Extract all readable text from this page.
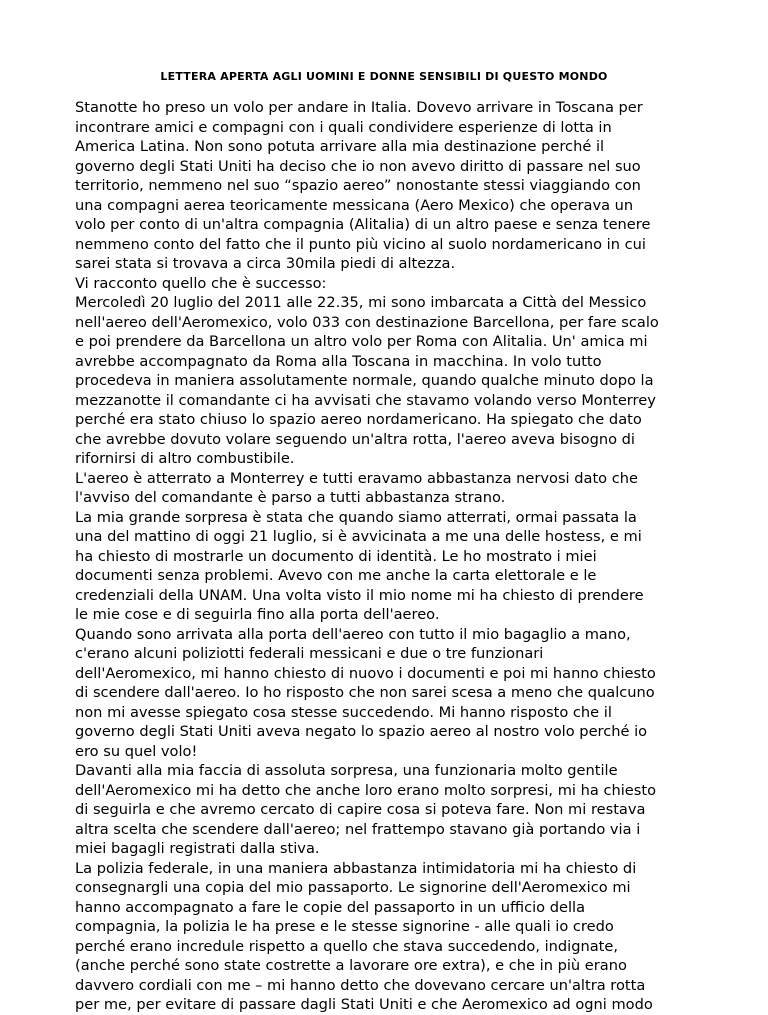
LETTERA APERTA AGLI UOMINI E DONNE SENSIBILI DI QUESTO MONDO
Stanotte ho preso un volo per andare in Italia. Dovevo arrivare in Toscana per
incontrare amici e compagni con i quali condividere esperienze di lotta in
America Latina. Non sono potuta arrivare alla mia destinazione perché il
governo degli Stati Uniti ha deciso che io non avevo diritto di passare nel suo
territorio, nemmeno nel suo “spazio aereo” nonostante stessi viaggiando con
una compagni aerea teoricamente messicana (Aero Mexico) che operava un
volo per conto di un'altra compagnia (Alitalia) di un altro paese e senza tenere
nemmeno conto del fatto che il punto più vicino al suolo nordamericano in cui
sarei stata si trovava a circa 30mila piedi di altezza.
Vi racconto quello che è successo:
Mercoledì 20 luglio del 2011 alle 22.35, mi sono imbarcata a Città del Messico
nell'aereo dell'Aeromexico, volo 033 con destinazione Barcellona, per fare scalo
e poi prendere da Barcellona un altro volo per Roma con Alitalia. Un' amica mi
avrebbe accompagnato da Roma alla Toscana in macchina. In volo tutto
procedeva in maniera assolutamente normale, quando qualche minuto dopo la
mezzanotte il comandante ci ha avvisati che stavamo volando verso Monterrey
perché era stato chiuso lo spazio aereo nordamericano. Ha spiegato che dato
che avrebbe dovuto volare seguendo un'altra rotta, l'aereo aveva bisogno di
rifornirsi di altro combustibile.
L'aereo è atterrato a Monterrey e tutti eravamo abbastanza nervosi dato che
l'avviso del comandante è parso a tutti abbastanza strano.
La mia grande sorpresa è stata che quando siamo atterrati, ormai passata la
una del mattino di oggi 21 luglio, si è avvicinata a me una delle hostess, e mi
ha chiesto di mostrarle un documento di identità. Le ho mostrato i miei
documenti senza problemi. Avevo con me anche la carta elettorale e le
credenziali della UNAM. Una volta visto il mio nome mi ha chiesto di prendere
le mie cose e di seguirla fino alla porta dell'aereo.
Quando sono arrivata alla porta dell'aereo con tutto il mio bagaglio a mano,
c'erano alcuni poliziotti federali messicani e due o tre funzionari
dell'Aeromexico, mi hanno chiesto di nuovo i documenti e poi mi hanno chiesto
di scendere dall'aereo. Io ho risposto che non sarei scesa a meno che qualcuno
non mi avesse spiegato cosa stesse succedendo. Mi hanno risposto che il
governo degli Stati Uniti aveva negato lo spazio aereo al nostro volo perché io
ero su quel volo!
Davanti alla mia faccia di assoluta sorpresa, una funzionaria molto gentile
dell'Aeromexico mi ha detto che anche loro erano molto sorpresi, mi ha chiesto
di seguirla e che avremo cercato di capire cosa si poteva fare. Non mi restava
altra scelta che scendere dall'aereo; nel frattempo stavano già portando via i
miei bagagli registrati dalla stiva.
La polizia federale, in una maniera abbastanza intimidatoria mi ha chiesto di
consegnargli una copia del mio passaporto. Le signorine dell'Aeromexico mi
hanno accompagnato a fare le copie del passaporto in un ufficio della
compagnia, la polizia le ha prese e le stesse signorine - alle quali io credo
perché erano incredule rispetto a quello che stava succedendo, indignate,
(anche perché sono state costrette a lavorare ore extra), e che in più erano
davvero cordiali con me – mi hanno detto che dovevano cercare un'altra rotta
per me, per evitare di passare dagli Stati Uniti e che Aeromexico ad ogni modo
